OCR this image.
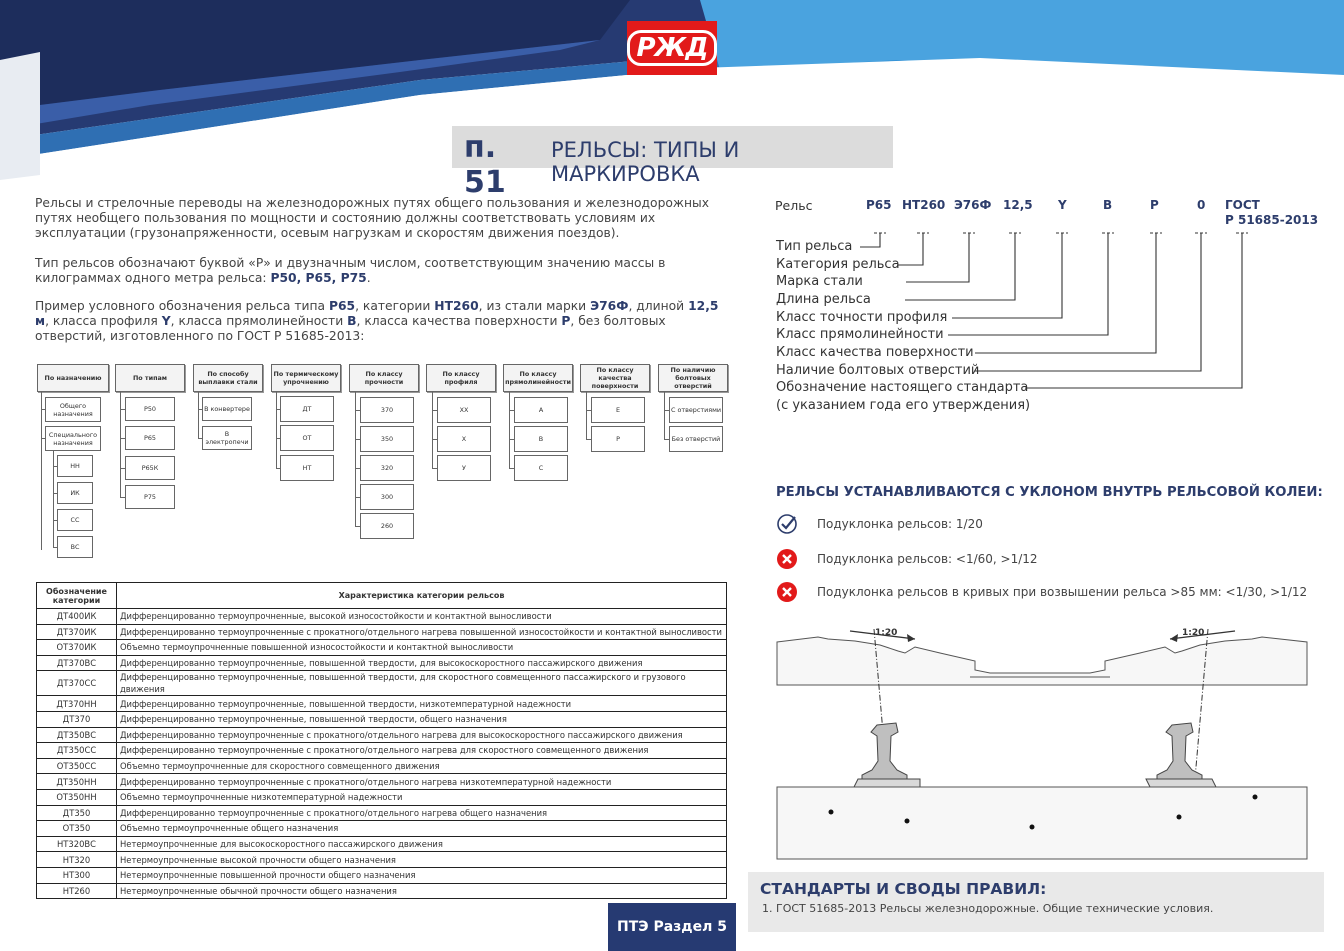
РЖД
п. 51
РЕЛЬСЫ: ТИПЫ И МАРКИРОВКА
Рельсы и стрелочные переводы на железнодорожных путях общего пользования и железнодорожных путях необщего пользования по мощности и состоянию должны соответствовать условиям их эксплуатации (грузонапряженности, осевым нагрузкам и скоростям движения поездов).
Тип рельсов обозначают буквой «Р» и двузначным числом, соответствующим значению массы в килограммах одного метра рельса: Р50, Р65, Р75.
Пример условного обозначения рельса типа Р65, категории НТ260, из стали марки Э76Ф, длиной 12,5 м, класса профиля Y, класса прямолинейности В, класса качества поверхности Р, без болтовых отверстий, изготовленного по ГОСТ Р 51685-2013:
По назначению
Общего назначения
Специального назначения
НН
ИК
СС
ВС
По типам
Р50
Р65
Р65К
Р75
По способу выплавки стали
В конвертере
В электропечи
По термическому упрочнению
ДТ
ОТ
НТ
По классу прочности
370
350
320
300
260
По классу профиля
ХХ
Х
У
По классу прямолинейности
А
В
С
По классу качества поверхности
Е
Р
По наличию болтовых отверстий
С отверстиями
Без отверстий
Обозначение категории	Характеристика категории рельсов
ДТ400ИК	Дифференцированно термоупрочненные, высокой износостойкости и контактной выносливости
ДТ370ИК	Дифференцированно термоупрочненные с прокатного/отдельного нагрева повышенной износостойкости и контактной выносливости
ОТ370ИК	Объемно термоупрочненные повышенной износостойкости и контактной выносливости
ДТ370ВС	Дифференцированно термоупрочненные, повышенной твердости, для высокоскоростного пассажирского движения
ДТ370СС	Дифференцированно термоупрочненные, повышенной твердости, для скоростного совмещенного пассажирского и грузового движения
ДТ370НН	Дифференцированно термоупрочненные, повышенной твердости, низкотемпературной надежности
ДТ370	Дифференцированно термоупрочненные, повышенной твердости, общего назначения
ДТ350ВС	Дифференцированно термоупрочненные с прокатного/отдельного нагрева для высокоскоростного пассажирского движения
ДТ350СС	Дифференцированно термоупрочненные с прокатного/отдельного нагрева для скоростного совмещенного движения
ОТ350СС	Объемно термоупрочненные для скоростного совмещенного движения
ДТ350НН	Дифференцированно термоупрочненные с прокатного/отдельного нагрева низкотемпературной надежности
ОТ350НН	Объемно термоупрочненные низкотемпературной надежности
ДТ350	Дифференцированно термоупрочненные с прокатного/отдельного нагрева общего назначения
ОТ350	Объемно термоупрочненные общего назначения
НТ320ВС	Нетермоупрочненные для высокоскоростного пассажирского движения
НТ320	Нетермоупрочненные высокой прочности общего назначения
НТ300	Нетермоупрочненные повышенной прочности общего назначения
НТ260	Нетермоупрочненные обычной прочности общего назначения
Рельс	Р65 НТ260 Э76Ф 12,5 Y	В	Р	0 ГОСТ
Р 51685-2013
Тип рельса
Категория рельса
Марка стали
Длина рельса
Класс точности профиля
Класс прямолинейности
Класс качества поверхности
Наличие болтовых отверстий
Обозначение настоящего стандарта
(с указанием года его утверждения)
РЕЛЬСЫ УСТАНАВЛИВАЮТСЯ С УКЛОНОМ ВНУТРЬ РЕЛЬСОВОЙ КОЛЕИ:
Подуклонка рельсов: 1/20
Подуклонка рельсов: <1/60, >1/12
Подуклонка рельсов в кривых при возвышении рельса >85 мм: <1/30, >1/12
1:20	1:20
СТАНДАРТЫ И СВОДЫ ПРАВИЛ:
1. ГОСТ 51685-2013 Рельсы железнодорожные. Общие технические условия.
ПТЭ Раздел 5
